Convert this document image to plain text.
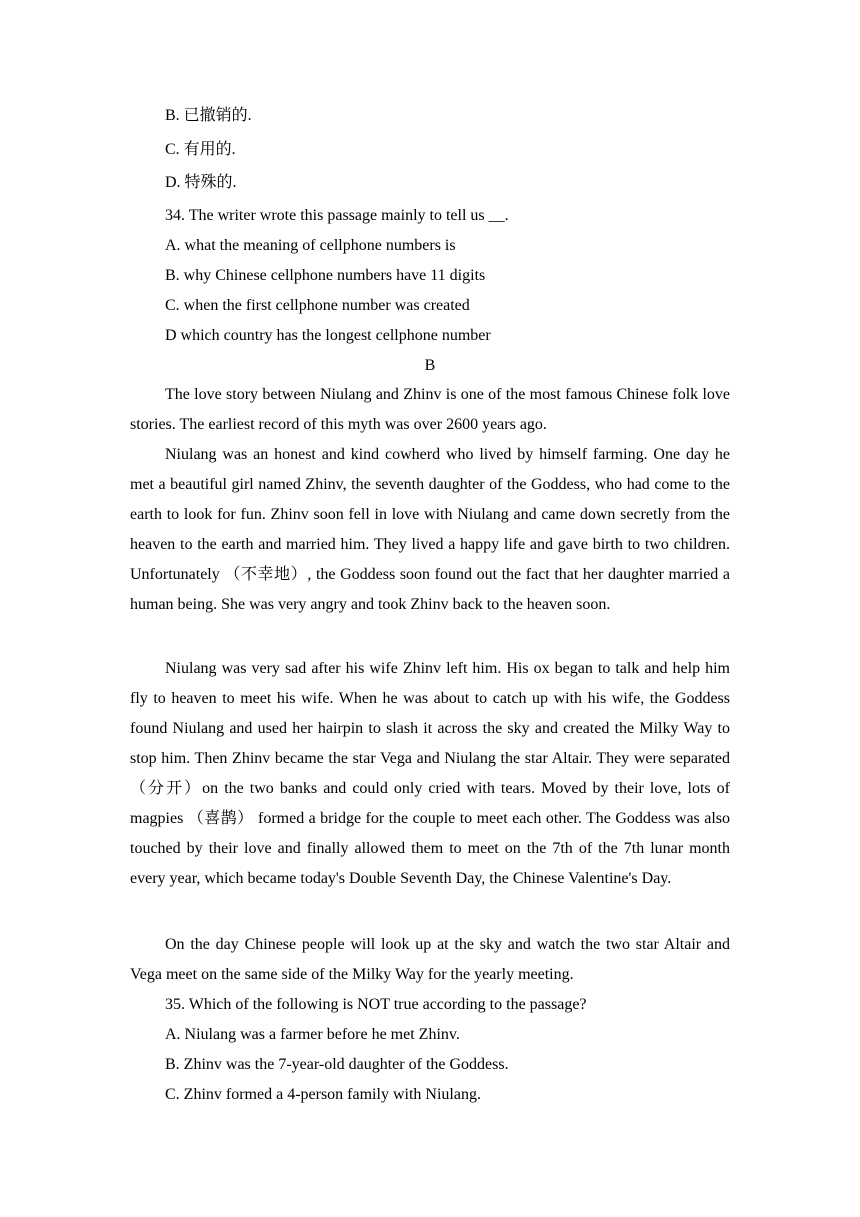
B. 已撤销的.
C. 有用的.
D. 特殊的.
34. The writer wrote this passage mainly to tell us __.
A. what the meaning of cellphone numbers is
B. why Chinese cellphone numbers have 11 digits
C. when the first cellphone number was created
D which country has the longest cellphone number
B
The love story between Niulang and Zhinv is one of the most famous Chinese folk love stories. The earliest record of this myth was over 2600 years ago.
Niulang was an honest and kind cowherd who lived by himself farming. One day he met a beautiful girl named Zhinv, the seventh daughter of the Goddess, who had come to the earth to look for fun. Zhinv soon fell in love with Niulang and came down secretly from the heaven to the earth and married him. They lived a happy life and gave birth to two children. Unfortunately （不幸地）, the Goddess soon found out the fact that her daughter married a human being. She was very angry and took Zhinv back to the heaven soon.
Niulang was very sad after his wife Zhinv left him. His ox began to talk and help him fly to heaven to meet his wife. When he was about to catch up with his wife, the Goddess found Niulang and used her hairpin to slash it across the sky and created the Milky Way to stop him. Then Zhinv became the star Vega and Niulang the star Altair. They were separated （分开）on the two banks and could only cried with tears. Moved by their love, lots of magpies （喜鹊） formed a bridge for the couple to meet each other. The Goddess was also touched by their love and finally allowed them to meet on the 7th of the 7th lunar month every year, which became today's Double Seventh Day, the Chinese Valentine's Day.
On the day Chinese people will look up at the sky and watch the two star Altair and Vega meet on the same side of the Milky Way for the yearly meeting.
35. Which of the following is NOT true according to the passage?
A. Niulang was a farmer before he met Zhinv.
B. Zhinv was the 7-year-old daughter of the Goddess.
C. Zhinv formed a 4-person family with Niulang.
